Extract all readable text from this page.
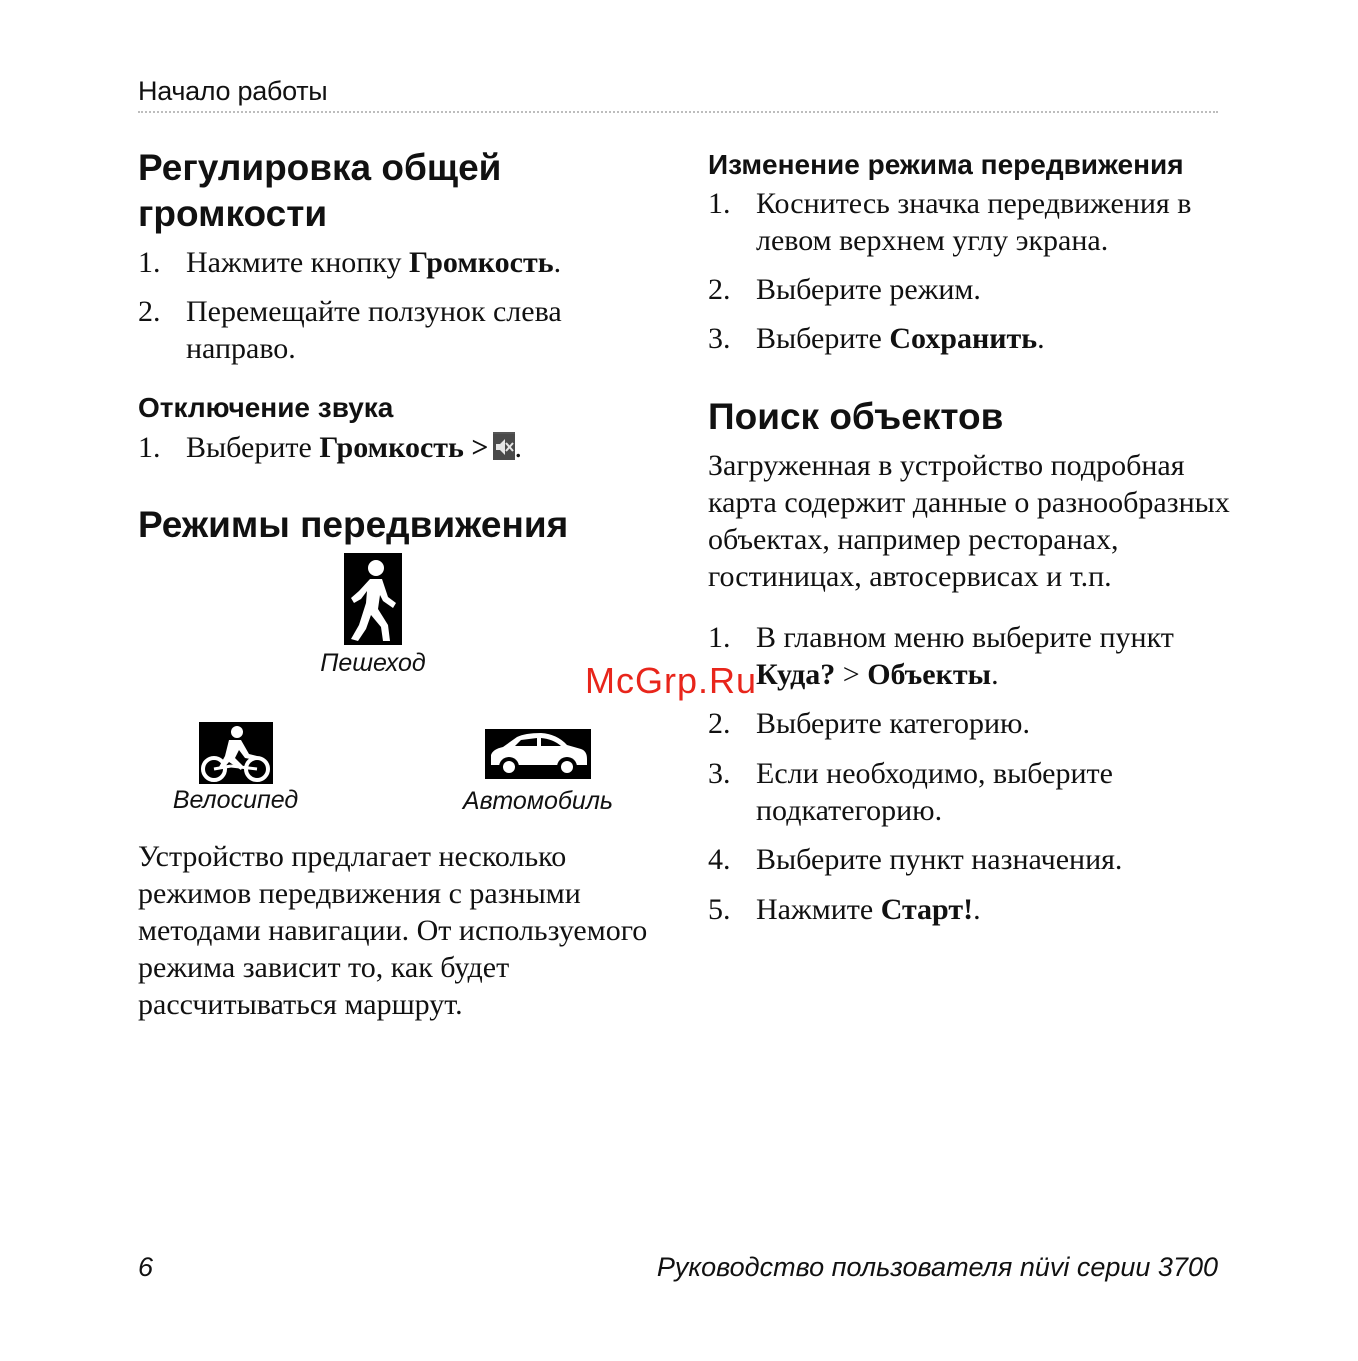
Начало работы
Регулировка общей
громкости
1. Нажмите кнопку Громкость.
2. Перемещайте ползунок слева
направо.
Отключение звука
1. Выберите Громкость > .
Режимы передвижения
Пешеход
Велосипед	Автомобиль
Устройство предлагает несколько
режимов передвижения с разными
методами навигации. От используемого
режима зависит то, как будет
рассчитываться маршрут.
Изменение режима передвижения
1. Коснитесь значка передвижения в
левом верхнем углу экрана.
2. Выберите режим.
3. Выберите Сохранить.
Поиск объектов
Загруженная в устройство подробная
карта содержит данные о разнообразных
объектах, например ресторанах,
гостиницах, автосервисах и т.п.
1. В главном меню выберите пункт
Куда? > Объекты.
2. Выберите категорию.
3. Если необходимо, выберите
подкатегорию.
4. Выберите пункт назначения.
5. Нажмите Старт!.
McGrp.Ru
6	Руководство пользователя nüvi серии 3700
